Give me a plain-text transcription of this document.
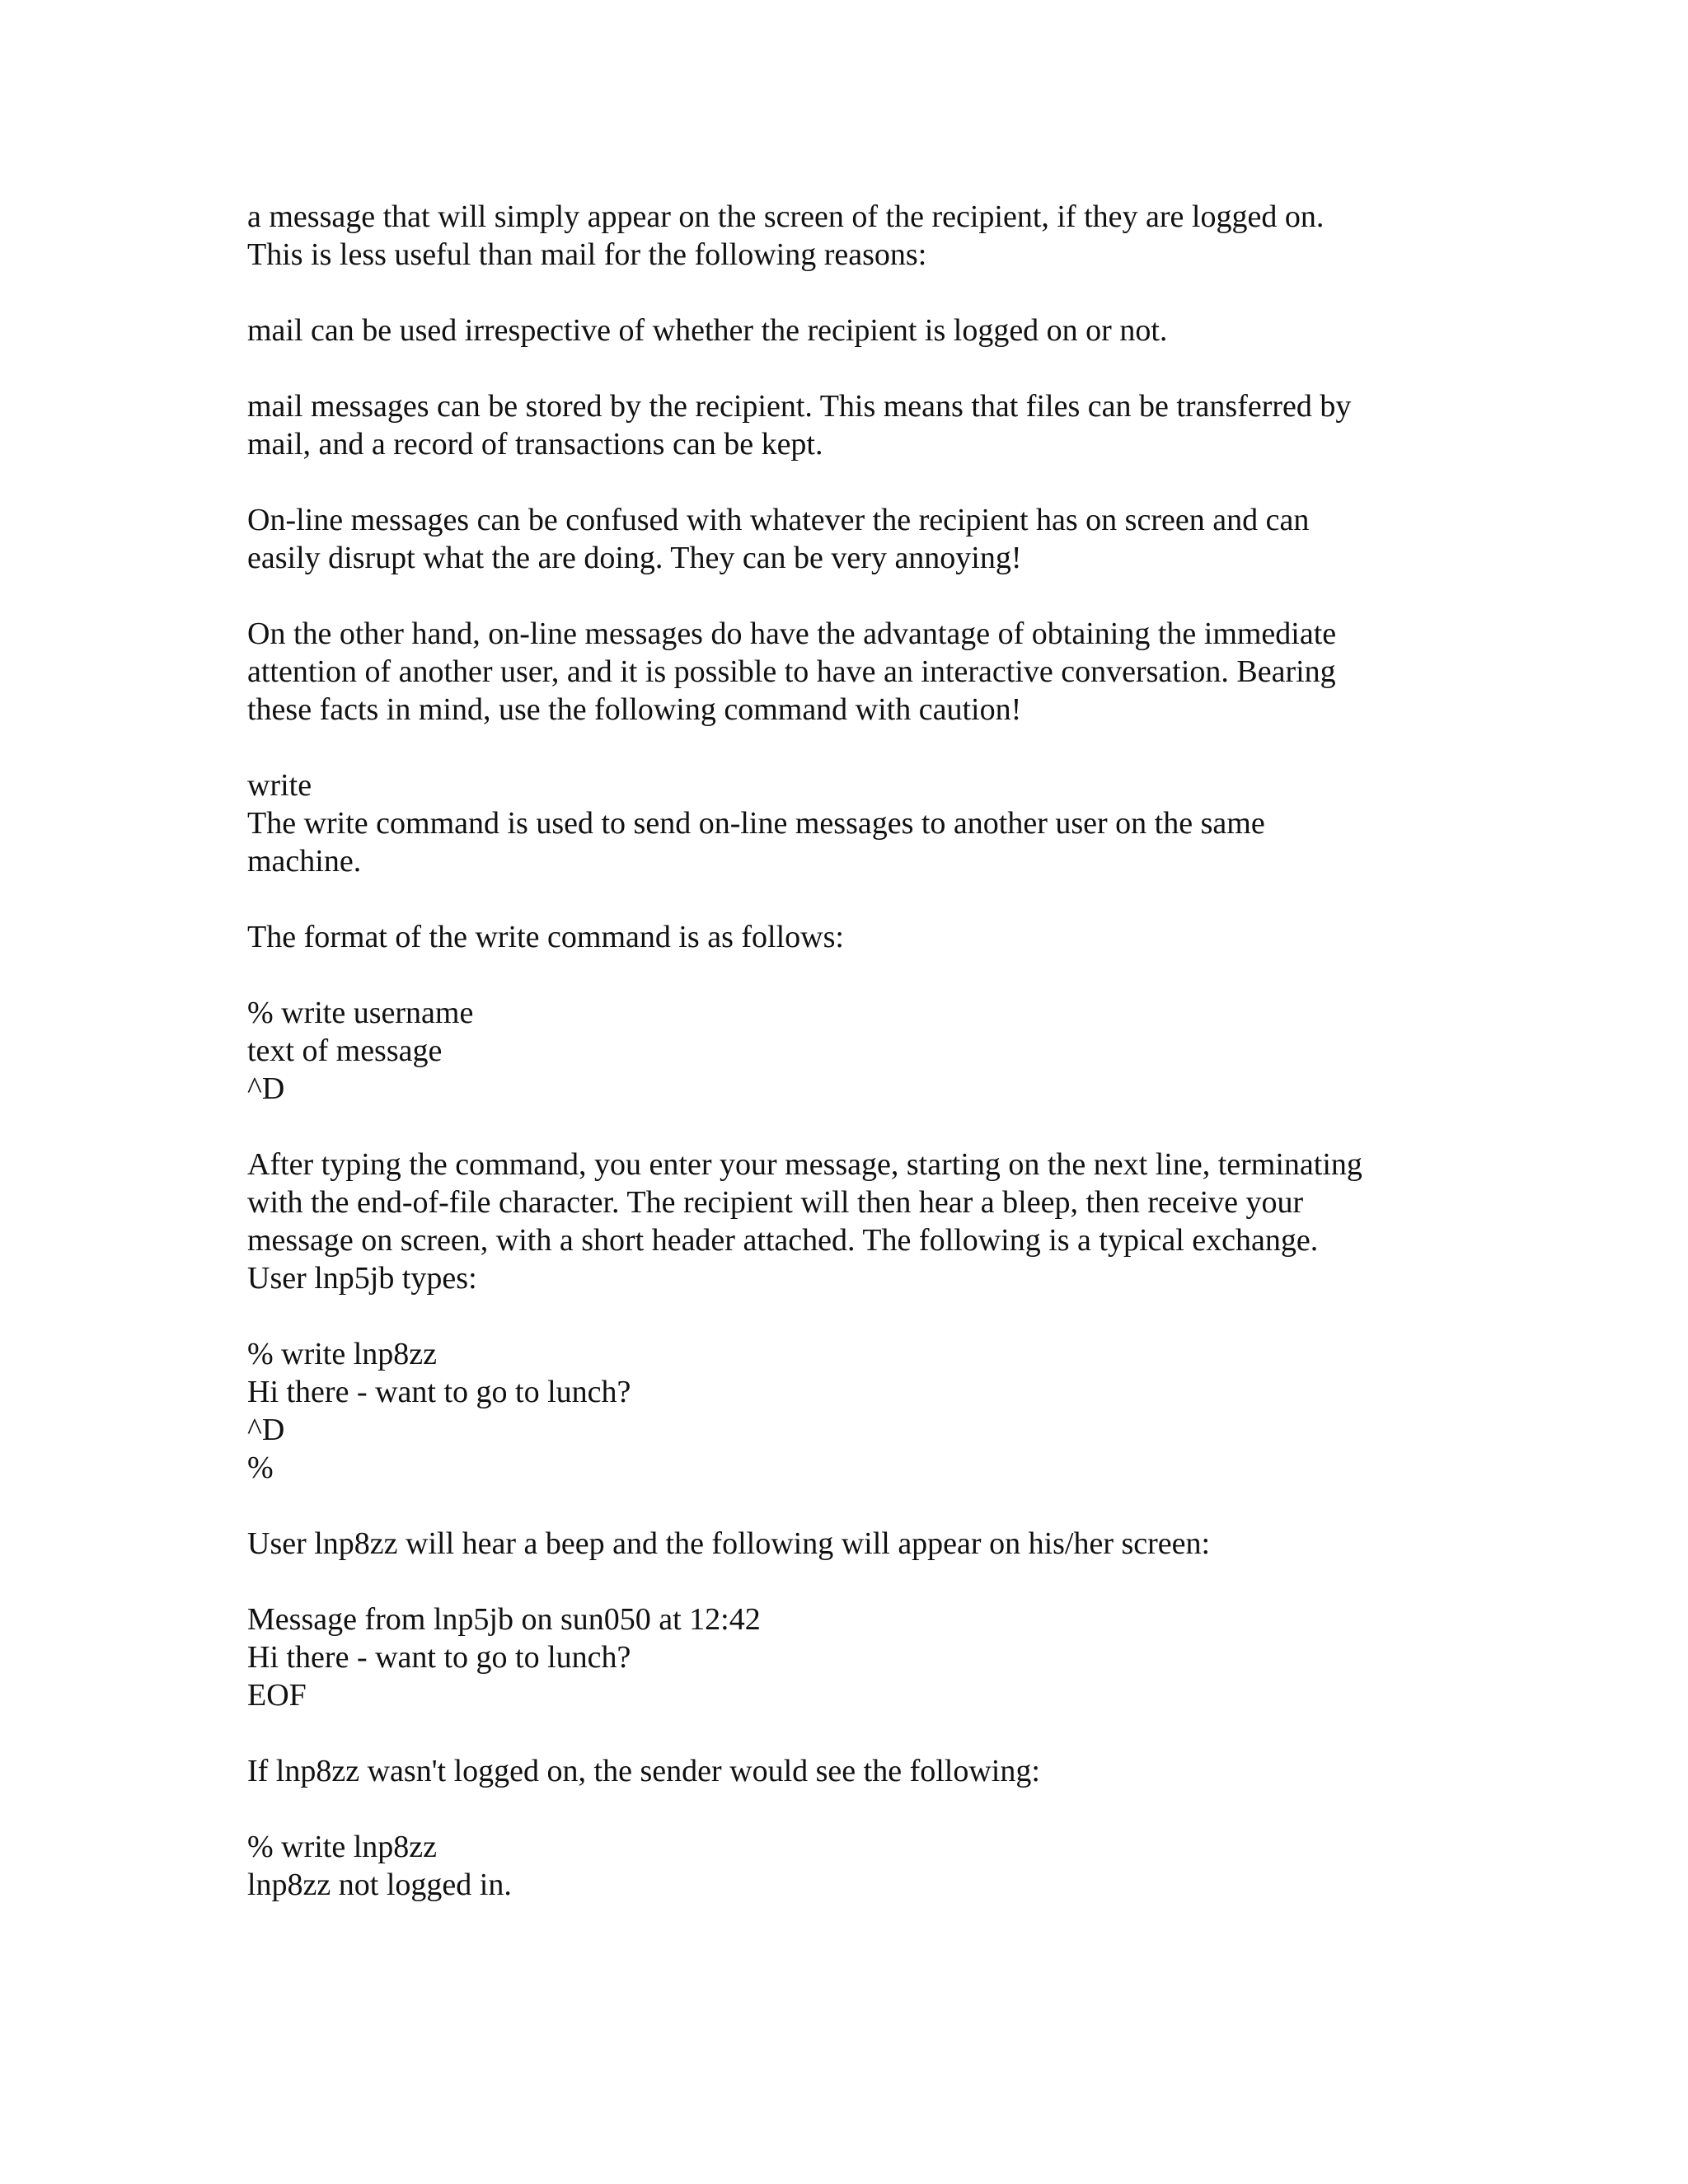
a message that will simply appear on the screen of the recipient, if they are logged on.
This is less useful than mail for the following reasons:
mail can be used irrespective of whether the recipient is logged on or not.
mail messages can be stored by the recipient. This means that files can be transferred by
mail, and a record of transactions can be kept.
On-line messages can be confused with whatever the recipient has on screen and can
easily disrupt what the are doing. They can be very annoying!
On the other hand, on-line messages do have the advantage of obtaining the immediate
attention of another user, and it is possible to have an interactive conversation. Bearing
these facts in mind, use the following command with caution!
write
The write command is used to send on-line messages to another user on the same
machine.
The format of the write command is as follows:
% write username
text of message
^D
After typing the command, you enter your message, starting on the next line, terminating
with the end-of-file character. The recipient will then hear a bleep, then receive your
message on screen, with a short header attached. The following is a typical exchange.
User lnp5jb types:
% write lnp8zz
Hi there - want to go to lunch?
^D
%
User lnp8zz will hear a beep and the following will appear on his/her screen:
Message from lnp5jb on sun050 at 12:42
Hi there - want to go to lunch?
EOF
If lnp8zz wasn't logged on, the sender would see the following:
% write lnp8zz
lnp8zz not logged in.
